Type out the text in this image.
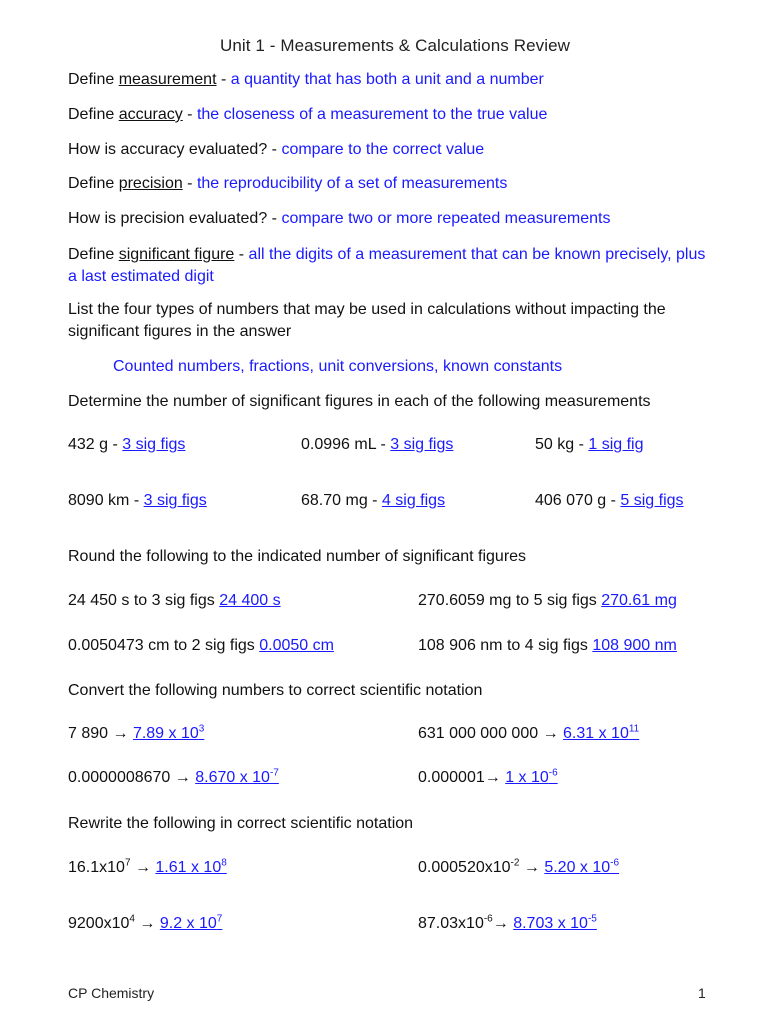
Unit 1 - Measurements & Calculations Review
Define measurement - a quantity that has both a unit and a number
Define accuracy - the closeness of a measurement to the true value
How is accuracy evaluated? - compare to the correct value
Define precision - the reproducibility of a set of measurements
How is precision evaluated? - compare two or more repeated measurements
Define significant figure - all the digits of a measurement that can be known precisely, plus a last estimated digit
List the four types of numbers that may be used in calculations without impacting the significant figures in the answer
Counted numbers, fractions, unit conversions, known constants
Determine the number of significant figures in each of the following measurements
432 g - 3 sig figs	0.0996 mL - 3 sig figs	50 kg - 1 sig fig
8090 km - 3 sig figs	68.70 mg - 4 sig figs	406 070 g - 5 sig figs
Round the following to the indicated number of significant figures
24 450 s to 3 sig figs 24 400 s	270.6059 mg to 5 sig figs 270.61 mg
0.0050473 cm to 2 sig figs 0.0050 cm	108 906 nm to 4 sig figs 108 900 nm
Convert the following numbers to correct scientific notation
7 890 → 7.89 x $10^3$	631 000 000 000 → 6.31 x $10^{11}$
0.0000008670 → 8.670 x $10^{-7}$	0.000001→ 1 x $10^{-6}$
Rewrite the following in correct scientific notation
$16.1x10^7 \to 1.61$ x $10^8$	$0.000520x10^{-2} \to 5.20$ x $10^{-6}$
$9200x10^4 \to 9.2$ x $10^7$	$87.03x10^{-6}\to 8.703$ x $10^{-5}$
CP Chemistry	1
